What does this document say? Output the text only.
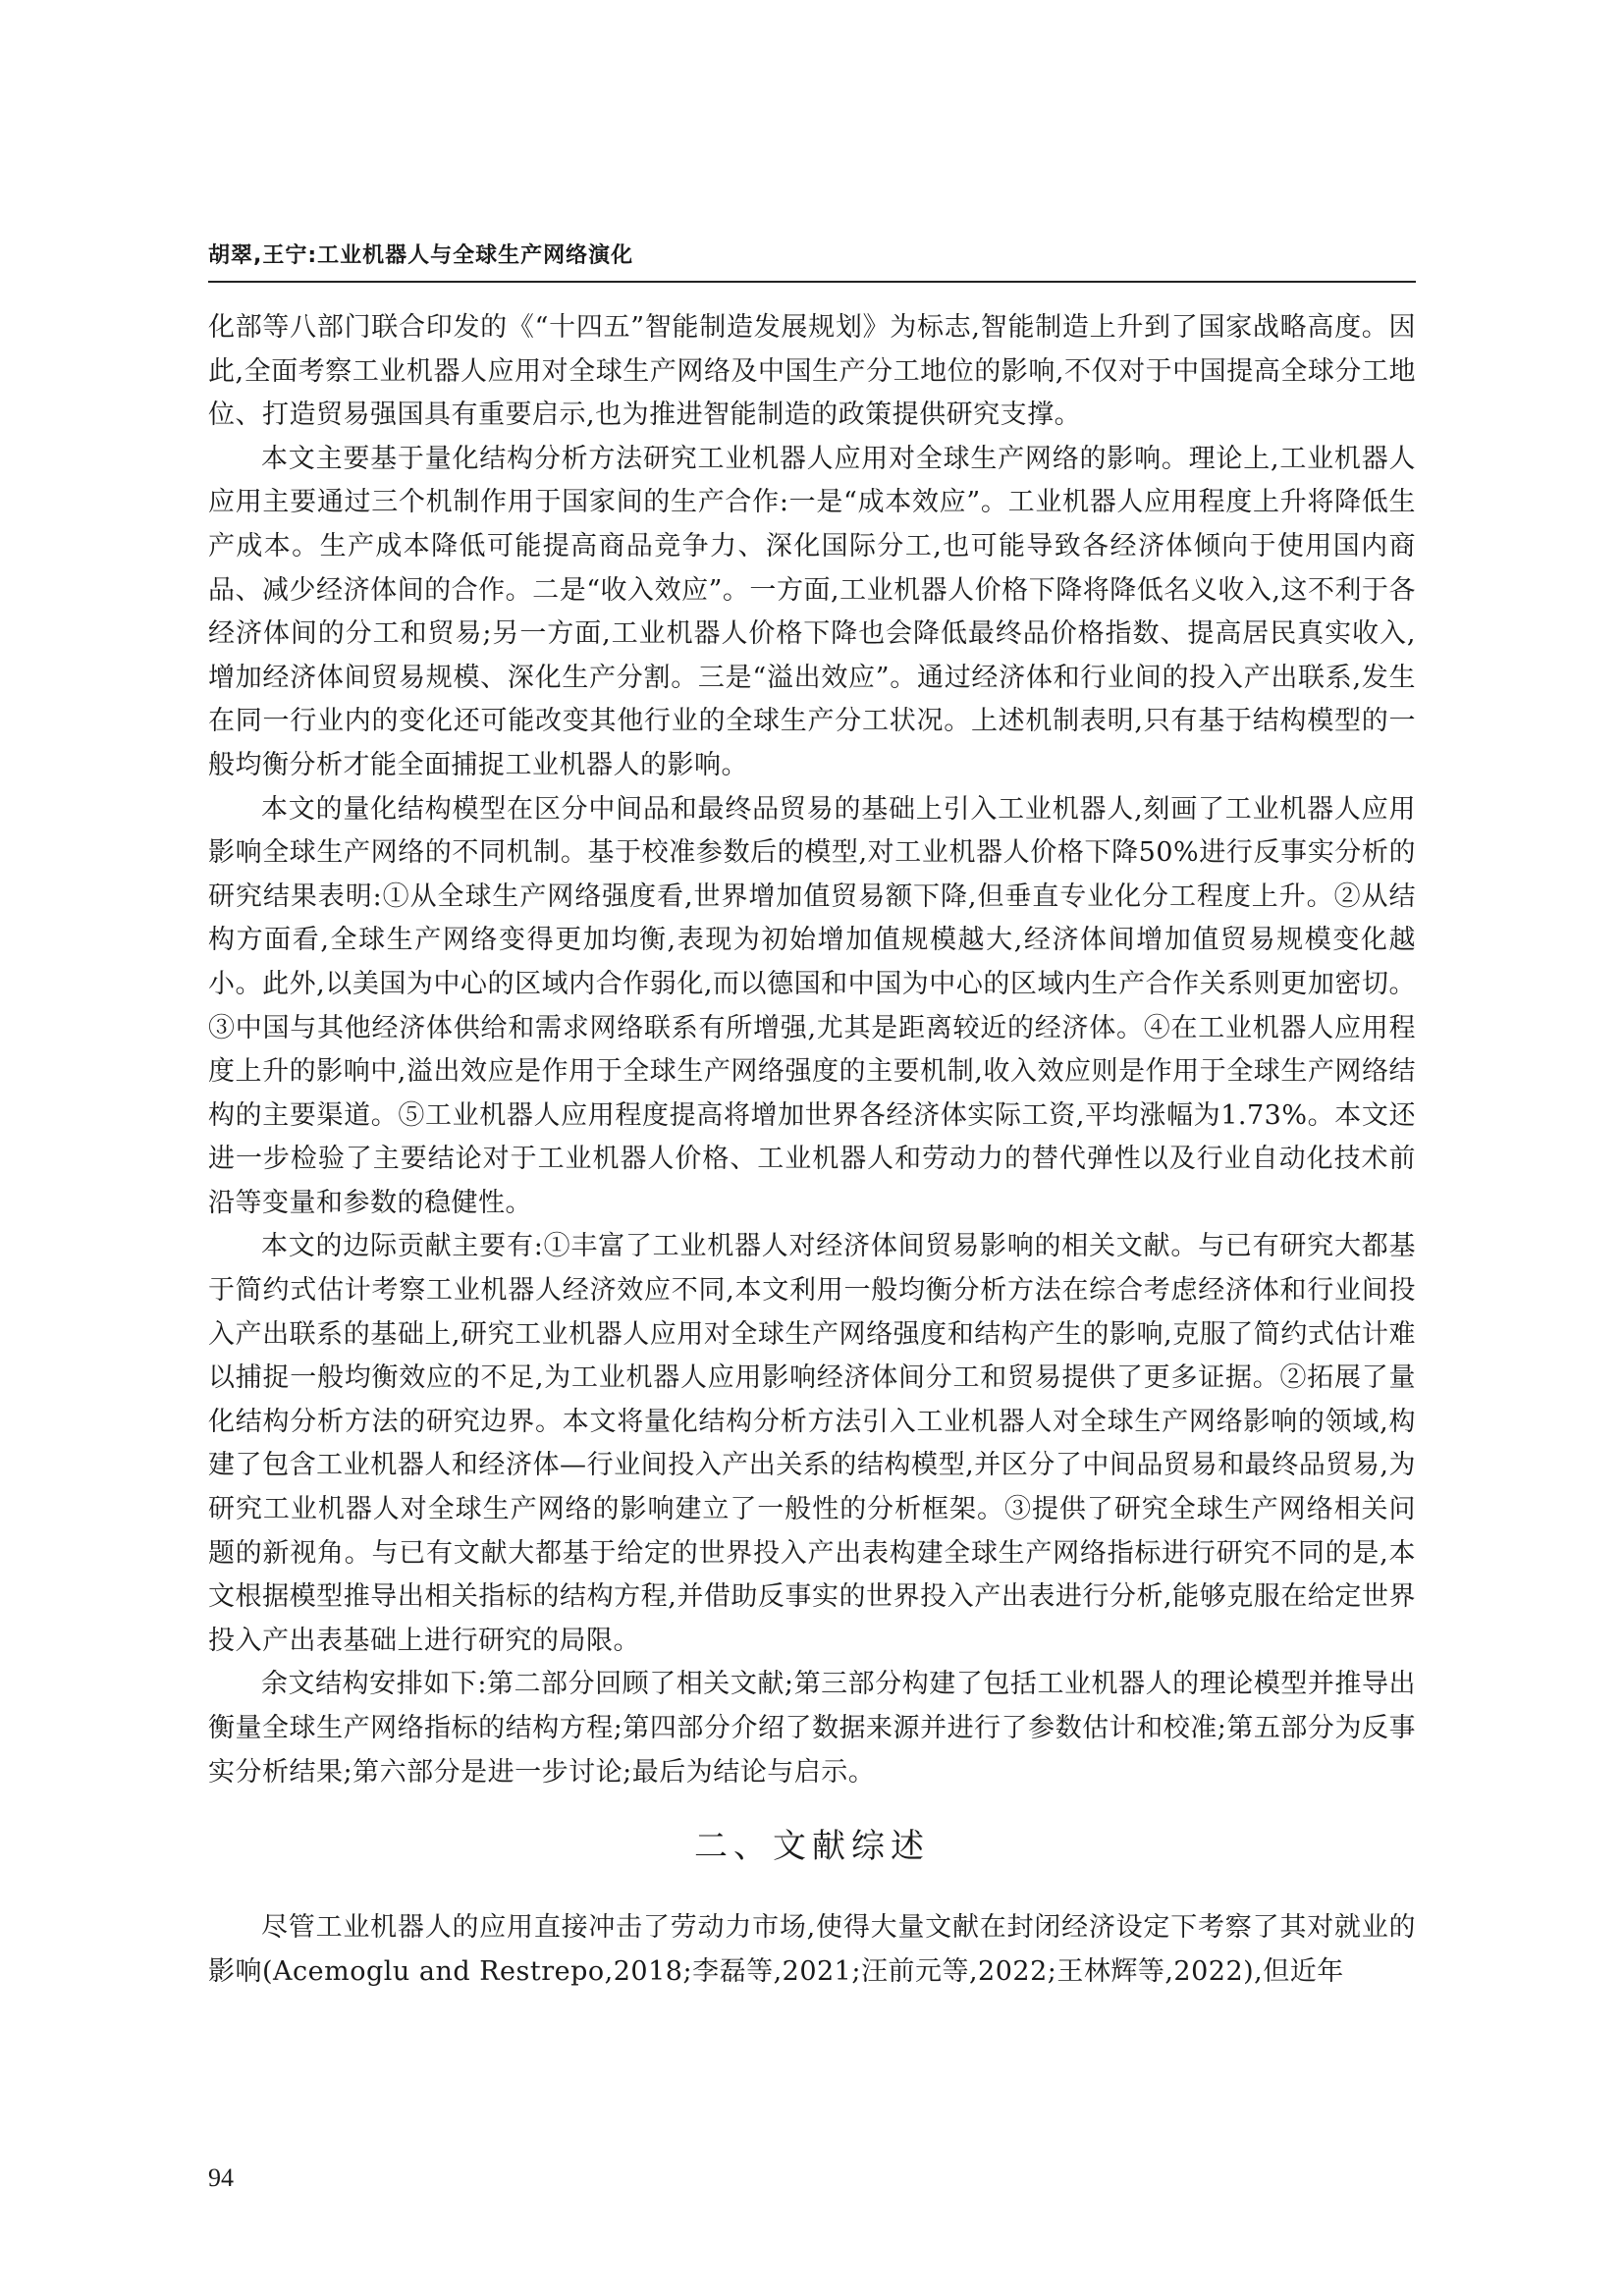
胡翠,王宁:工业机器人与全球生产网络演化

化部等八部门联合印发的《“十四五”智能制造发展规划》为标志,智能制造上升到了国家战略高度。因此,全面考察工业机器人应用对全球生产网络及中国生产分工地位的影响,不仅对于中国提高全球分工地位、打造贸易强国具有重要启示,也为推进智能制造的政策提供研究支撑。

本文主要基于量化结构分析方法研究工业机器人应用对全球生产网络的影响。理论上,工业机器人应用主要通过三个机制作用于国家间的生产合作:一是“成本效应”。工业机器人应用程度上升将降低生产成本。生产成本降低可能提高商品竞争力、深化国际分工,也可能导致各经济体倾向于使用国内商品、减少经济体间的合作。二是“收入效应”。一方面,工业机器人价格下降将降低名义收入,这不利于各经济体间的分工和贸易;另一方面,工业机器人价格下降也会降低最终品价格指数、提高居民真实收入,增加经济体间贸易规模、深化生产分割。三是“溢出效应”。通过经济体和行业间的投入产出联系,发生在同一行业内的变化还可能改变其他行业的全球生产分工状况。上述机制表明,只有基于结构模型的一般均衡分析才能全面捕捉工业机器人的影响。

本文的量化结构模型在区分中间品和最终品贸易的基础上引入工业机器人,刻画了工业机器人应用影响全球生产网络的不同机制。基于校准参数后的模型,对工业机器人价格下降50%进行反事实分析的研究结果表明:①从全球生产网络强度看,世界增加值贸易额下降,但垂直专业化分工程度上升。②从结构方面看,全球生产网络变得更加均衡,表现为初始增加值规模越大,经济体间增加值贸易规模变化越小。此外,以美国为中心的区域内合作弱化,而以德国和中国为中心的区域内生产合作关系则更加密切。③中国与其他经济体供给和需求网络联系有所增强,尤其是距离较近的经济体。④在工业机器人应用程度上升的影响中,溢出效应是作用于全球生产网络强度的主要机制,收入效应则是作用于全球生产网络结构的主要渠道。⑤工业机器人应用程度提高将增加世界各经济体实际工资,平均涨幅为1.73%。本文还进一步检验了主要结论对于工业机器人价格、工业机器人和劳动力的替代弹性以及行业自动化技术前沿等变量和参数的稳健性。

本文的边际贡献主要有:①丰富了工业机器人对经济体间贸易影响的相关文献。与已有研究大都基于简约式估计考察工业机器人经济效应不同,本文利用一般均衡分析方法在综合考虑经济体和行业间投入产出联系的基础上,研究工业机器人应用对全球生产网络强度和结构产生的影响,克服了简约式估计难以捕捉一般均衡效应的不足,为工业机器人应用影响经济体间分工和贸易提供了更多证据。②拓展了量化结构分析方法的研究边界。本文将量化结构分析方法引入工业机器人对全球生产网络影响的领域,构建了包含工业机器人和经济体—行业间投入产出关系的结构模型,并区分了中间品贸易和最终品贸易,为研究工业机器人对全球生产网络的影响建立了一般性的分析框架。③提供了研究全球生产网络相关问题的新视角。与已有文献大都基于给定的世界投入产出表构建全球生产网络指标进行研究不同的是,本文根据模型推导出相关指标的结构方程,并借助反事实的世界投入产出表进行分析,能够克服在给定世界投入产出表基础上进行研究的局限。

余文结构安排如下:第二部分回顾了相关文献;第三部分构建了包括工业机器人的理论模型并推导出衡量全球生产网络指标的结构方程;第四部分介绍了数据来源并进行了参数估计和校准;第五部分为反事实分析结果;第六部分是进一步讨论;最后为结论与启示。

二、文献综述

尽管工业机器人的应用直接冲击了劳动力市场,使得大量文献在封闭经济设定下考察了其对就业的影响(Acemoglu and Restrepo,2018;李磊等,2021;汪前元等,2022;王林辉等,2022),但近年

94
